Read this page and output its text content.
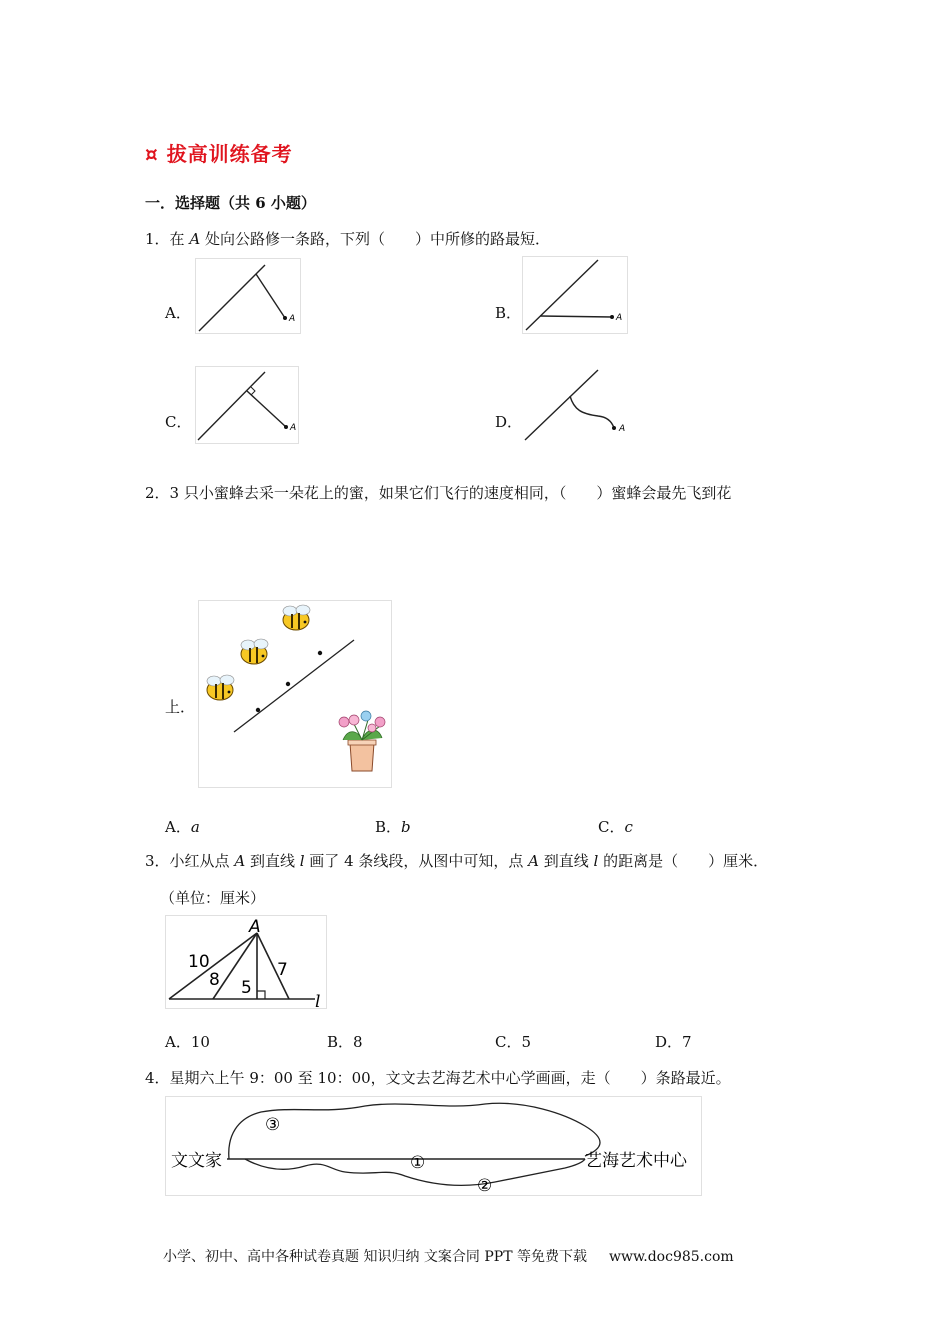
¤ 拔高训练备考
一．选择题（共 6 小题）
1．在 A 处向公路修一条路，下列（　　）中所修的路最短．
A．	A	B．	A
C．	A	D．	A
2．3 只小蜜蜂去采一朵花上的蜜，如果它们飞行的速度相同，（　　）蜜蜂会最先飞到花
上．
A．a	B．b	C．c
3．小红从点 A 到直线 l 画了 4 条线段，从图中可知，点 A 到直线 l 的距离是（　　）厘米．
（单位：厘米）
A
l
10
8 5
7
A．10	B．8	C．5	D．7
4．星期六上午 9：00 至 10：00，文文去艺海艺术中心学画画，走（　　）条路最近。
文文家	艺海艺术中心
③
①
②
小学、初中、高中各种试卷真题 知识归纳 文案合同 PPT 等免费下载 www.doc985.com
